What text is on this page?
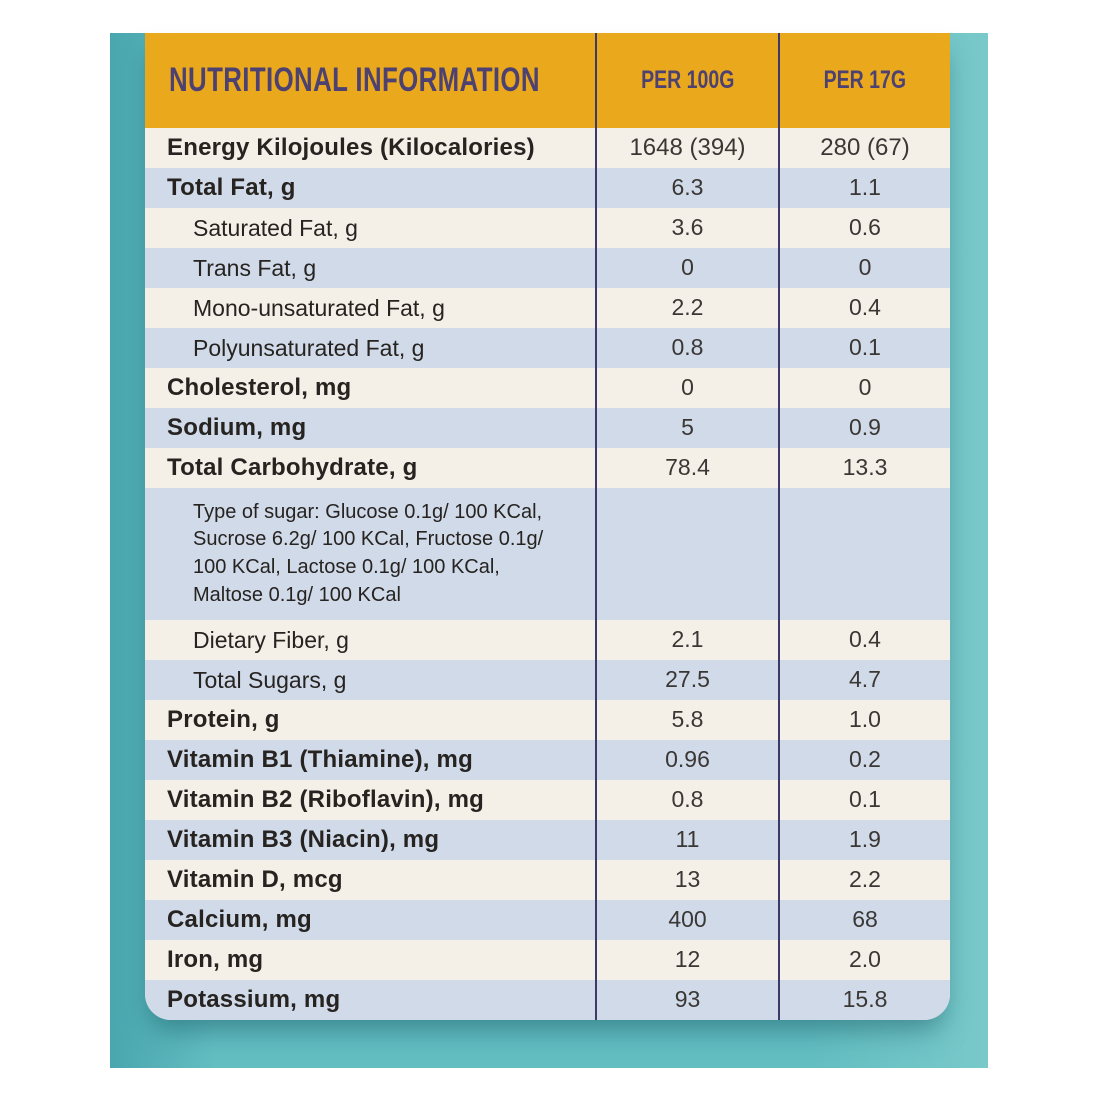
NUTRITIONAL INFORMATION	PER 100G	PER 17G
Energy Kilojoules (Kilocalories)	1648 (394)	280 (67)
Total Fat, g	6.3	1.1
Saturated Fat, g	3.6	0.6
Trans Fat, g	0	0
Mono-unsaturated Fat, g	2.2	0.4
Polyunsaturated Fat, g	0.8	0.1
Cholesterol, mg	0	0
Sodium, mg	5	0.9
Total Carbohydrate, g	78.4	13.3
Type of sugar: Glucose 0.1g/ 100 KCal, Sucrose 6.2g/ 100 KCal, Fructose 0.1g/ 100 KCal, Lactose 0.1g/ 100 KCal, Maltose 0.1g/ 100 KCal
Dietary Fiber, g	2.1	0.4
Total Sugars, g	27.5	4.7
Protein, g	5.8	1.0
Vitamin B1 (Thiamine), mg	0.96	0.2
Vitamin B2 (Riboflavin), mg	0.8	0.1
Vitamin B3 (Niacin), mg	11	1.9
Vitamin D, mcg	13	2.2
Calcium, mg	400	68
Iron, mg	12	2.0
Potassium, mg	93	15.8
